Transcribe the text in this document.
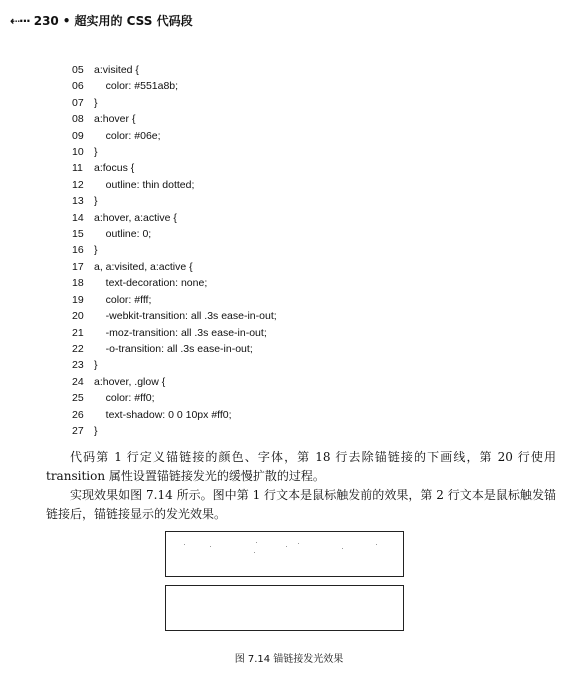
⇠··· 230 • 超实用的 CSS 代码段
05 a:visited {
06 color: #551a8b;
07 }
08 a:hover {
09 color: #06e;
10 }
11	a:focus {
12 outline: thin dotted;
13 }
14 a:hover, a:active {
15 outline: 0;
16 }
17 a, a:visited, a:active {
18 text-decoration: none;
19 color: #fff;
20 -webkit-transition: all .3s ease-in-out;
21 -moz-transition: all .3s ease-in-out;
22 -o-transition: all .3s ease-in-out;
23 }
24 a:hover, .glow {
25 color: #ff0;
26 text-shadow: 0 0 10px #ff0;
27 }
代码第 1 行定义锚链接的颜色、字体，第 18 行去除锚链接的下画线，第 20 行使用 transition 属性设置锚链接发光的缓慢扩散的过程。
实现效果如图 7.14 所示。图中第 1 行文本是鼠标触发前的效果，第 2 行文本是鼠标触发锚链接后，锚链接显示的发光效果。
图 7.14 锚链接发光效果
